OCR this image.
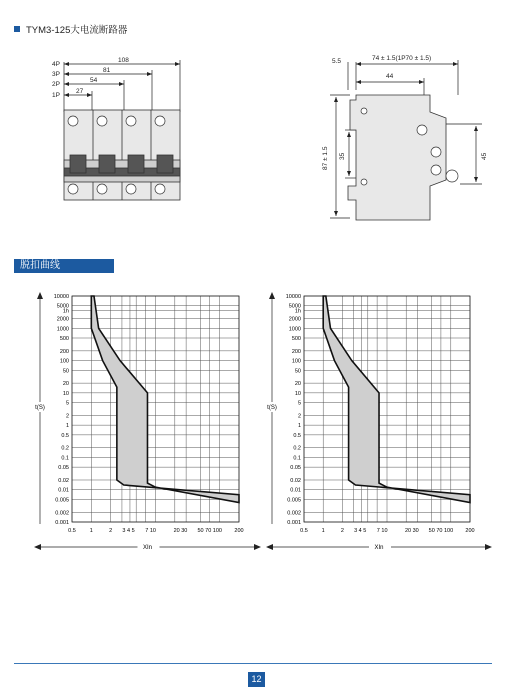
TYM3-125大电流断路器
4P
3P
2P
1P
108
81
54
27
5.5	74 ± 1.5(1P70 ± 1.5)
44
87 ± 1.5 35	45
脱扣曲线
10000
5000
1h
2000
1000
500
200
100
50
20
10
5
2
1
0.5
0.2
0.1
0.05
0.02
0.01
0.005
0.002
0.001
0.5	1	2 3 4 5 7 10	20 30 50 70 100 200
t(S)
XIn
10000
5000
1h
2000
1000
500
200
100
50
20
10
5
2
1
0.5
0.2
0.1
0.05
0.02
0.01
0.005
0.002
0.001
0.5	1	2 3 4 5 7 10	20 30 50 70 100 200
t(S)
XIn
12
